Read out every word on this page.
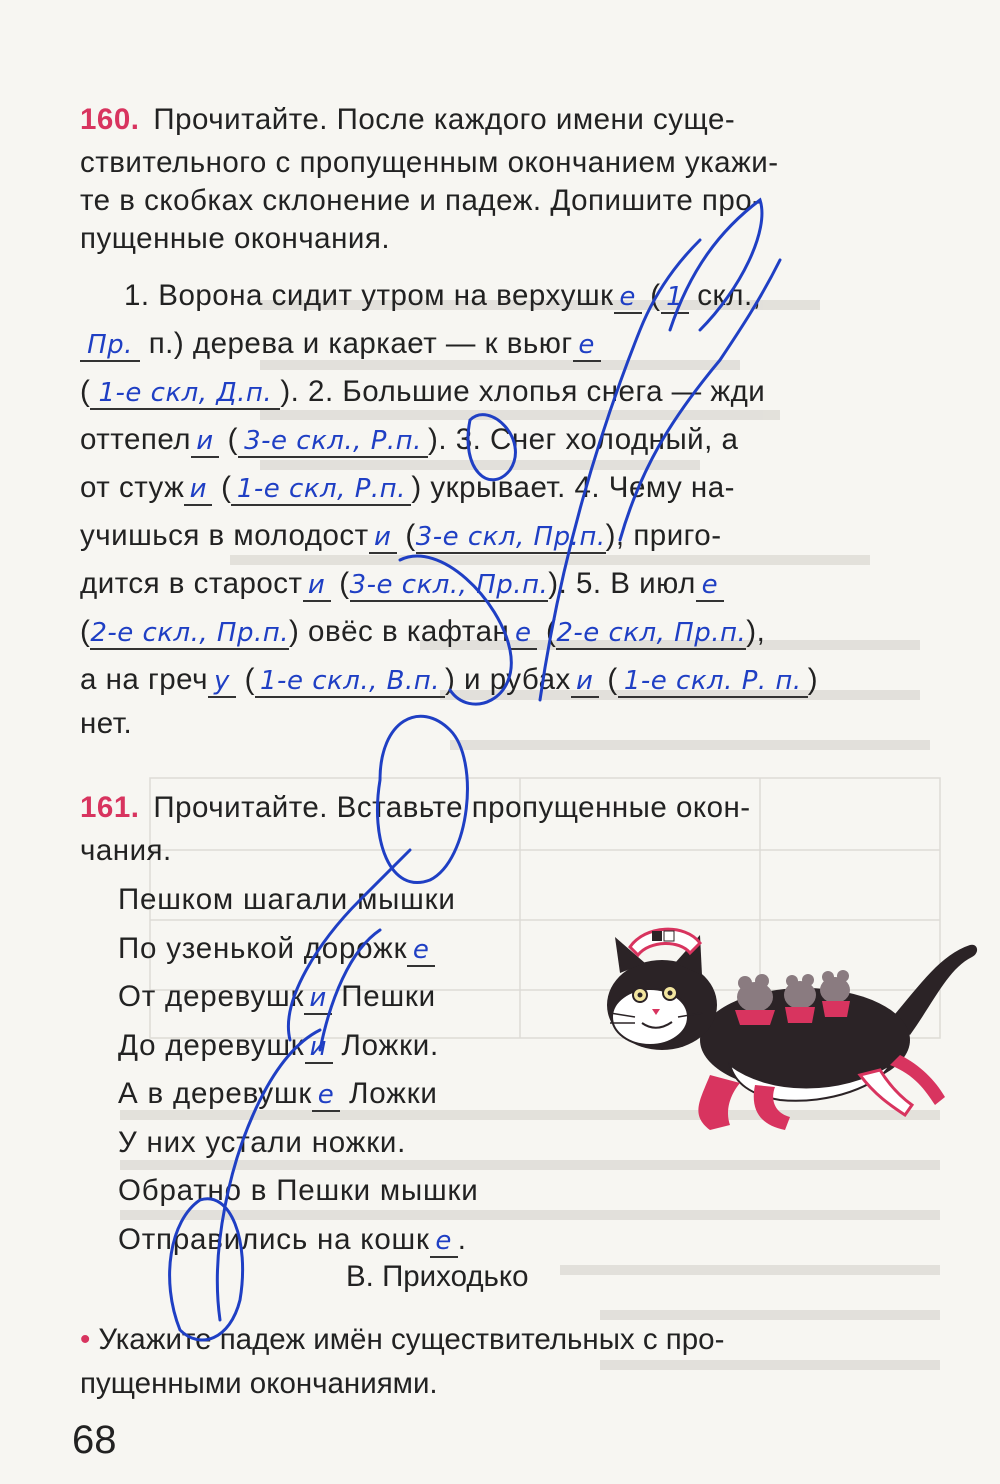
160. Прочитайте. После каждого имени суще-
ствительного с пропущенным окончанием укажи-
те в скобках склонение и падеж. Допишите про-
пущенные окончания.
1. Ворона сидит утром на верхушк е ( 1 скл.,
Пр. п.) дерева и каркает — к вьюг е
( 1-е скл, Д.п. ). 2. Большие хлопья снега — жди
оттепел и ( 3-е скл., Р.п. ). 3. Снег холодный, а
от стуж и ( 1-е скл, Р.п. ) укрывает. 4. Чему на-
учишься в молодост и (3-е скл, Пр.п.), приго-
дится в старост и (3-е скл., Пр.п.). 5. В июл е
(2-е скл., Пр.п.) овёс в кафтан е (2-е скл, Пр.п.),
а на греч у ( 1-е скл., В.п. ) и рубах и ( 1-е скл. Р. п. )
нет.
161. Прочитайте. Вставьте пропущенные окон-
чания.
Пешком шагали мышки
По узенькой дорожк е
От деревушк и Пешки
До деревушк и Ложки.
А в деревушк е Ложки
У них устали ножки.
Обратно в Пешки мышки
Отправились на кошк е .
В. Приходько
• Укажите падеж имён существительных с про-
пущенными окончаниями.
68
